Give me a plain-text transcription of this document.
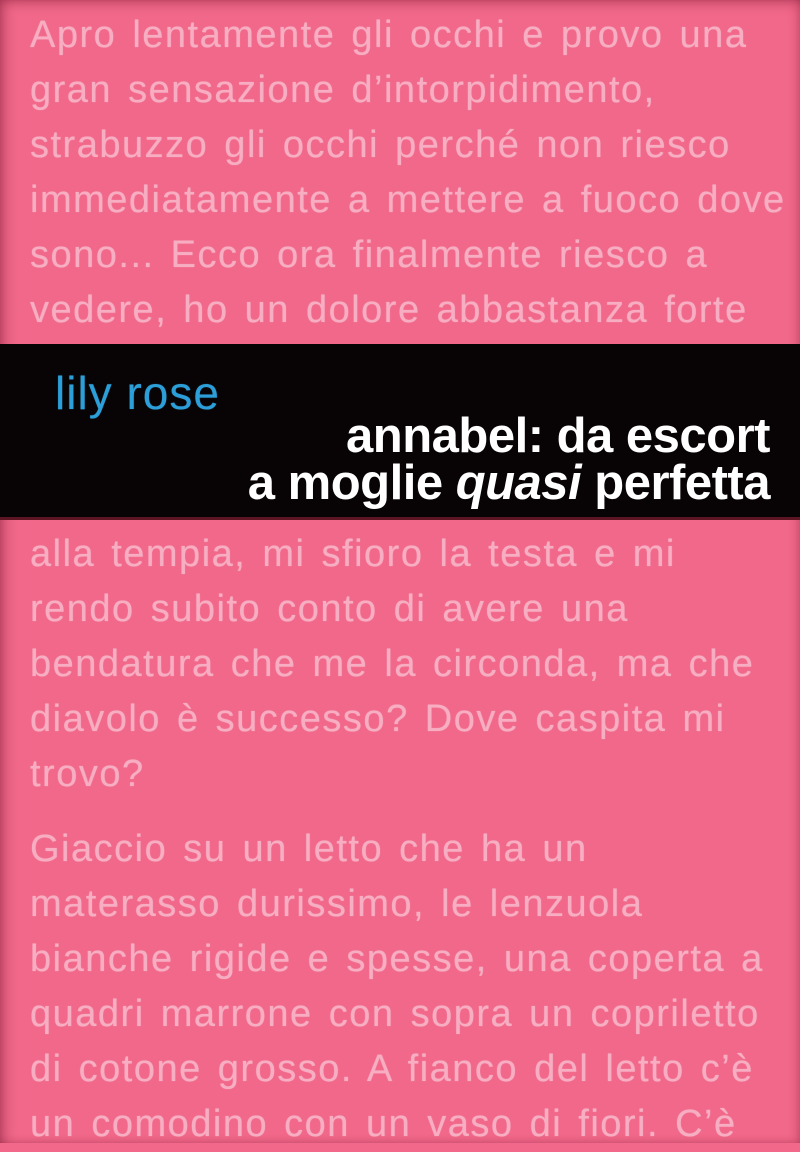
Apro lentamente gli occhi e provo una
gran sensazione d’intorpidimento,
strabuzzo gli occhi perché non riesco
immediatamente a mettere a fuoco dove
sono... Ecco ora finalmente riesco a
vedere, ho un dolore abbastanza forte
lily rose
annabel: da escort
a moglie quasi perfetta
alla tempia, mi sfioro la testa e mi
rendo subito conto di avere una
bendatura che me la circonda, ma che
diavolo è successo? Dove caspita mi
trovo?
Giaccio su un letto che ha un
materasso durissimo, le lenzuola
bianche rigide e spesse, una coperta a
quadri marrone con sopra un copriletto
di cotone grosso. A fianco del letto c’è
un comodino con un vaso di fiori. C’è
